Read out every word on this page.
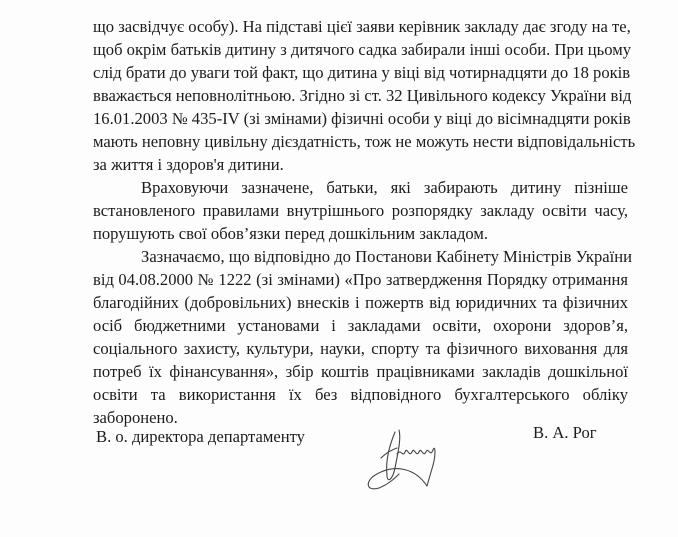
що засвідчує особу). На підставі цієї заяви керівник закладу дає згоду на те,
щоб окрім батьків дитину з дитячого садка забирали інші особи. При цьому
слід брати до уваги той факт, що дитина у віці від чотирнадцяти до 18 років
вважається неповнолітньою. Згідно зі ст. 32 Цивільного кодексу України від
16.01.2003 № 435-IV (зі змінами) фізичні особи у віці до вісімнадцяти років
мають неповну цивільну дієздатність, тож не можуть нести відповідальність
за життя і здоров'я дитини.
Враховуючи зазначене, батьки, які забирають дитину пізніше
встановленого правилами внутрішнього розпорядку закладу освіти часу,
порушують свої обов’язки перед дошкільним закладом.
Зазначаємо, що відповідно до Постанови Кабінету Міністрів України
від 04.08.2000 № 1222 (зі змінами) «Про затвердження Порядку отримання
благодійних (добровільних) внесків і пожертв від юридичних та фізичних
осіб бюджетними установами і закладами освіти, охорони здоров’я,
соціального захисту, культури, науки, спорту та фізичного виховання для
потреб їх фінансування», збір коштів працівниками закладів дошкільної
освіти та використання їх без відповідного бухгалтерського обліку
заборонено.
В. о. директора департаменту	В. А. Рог
